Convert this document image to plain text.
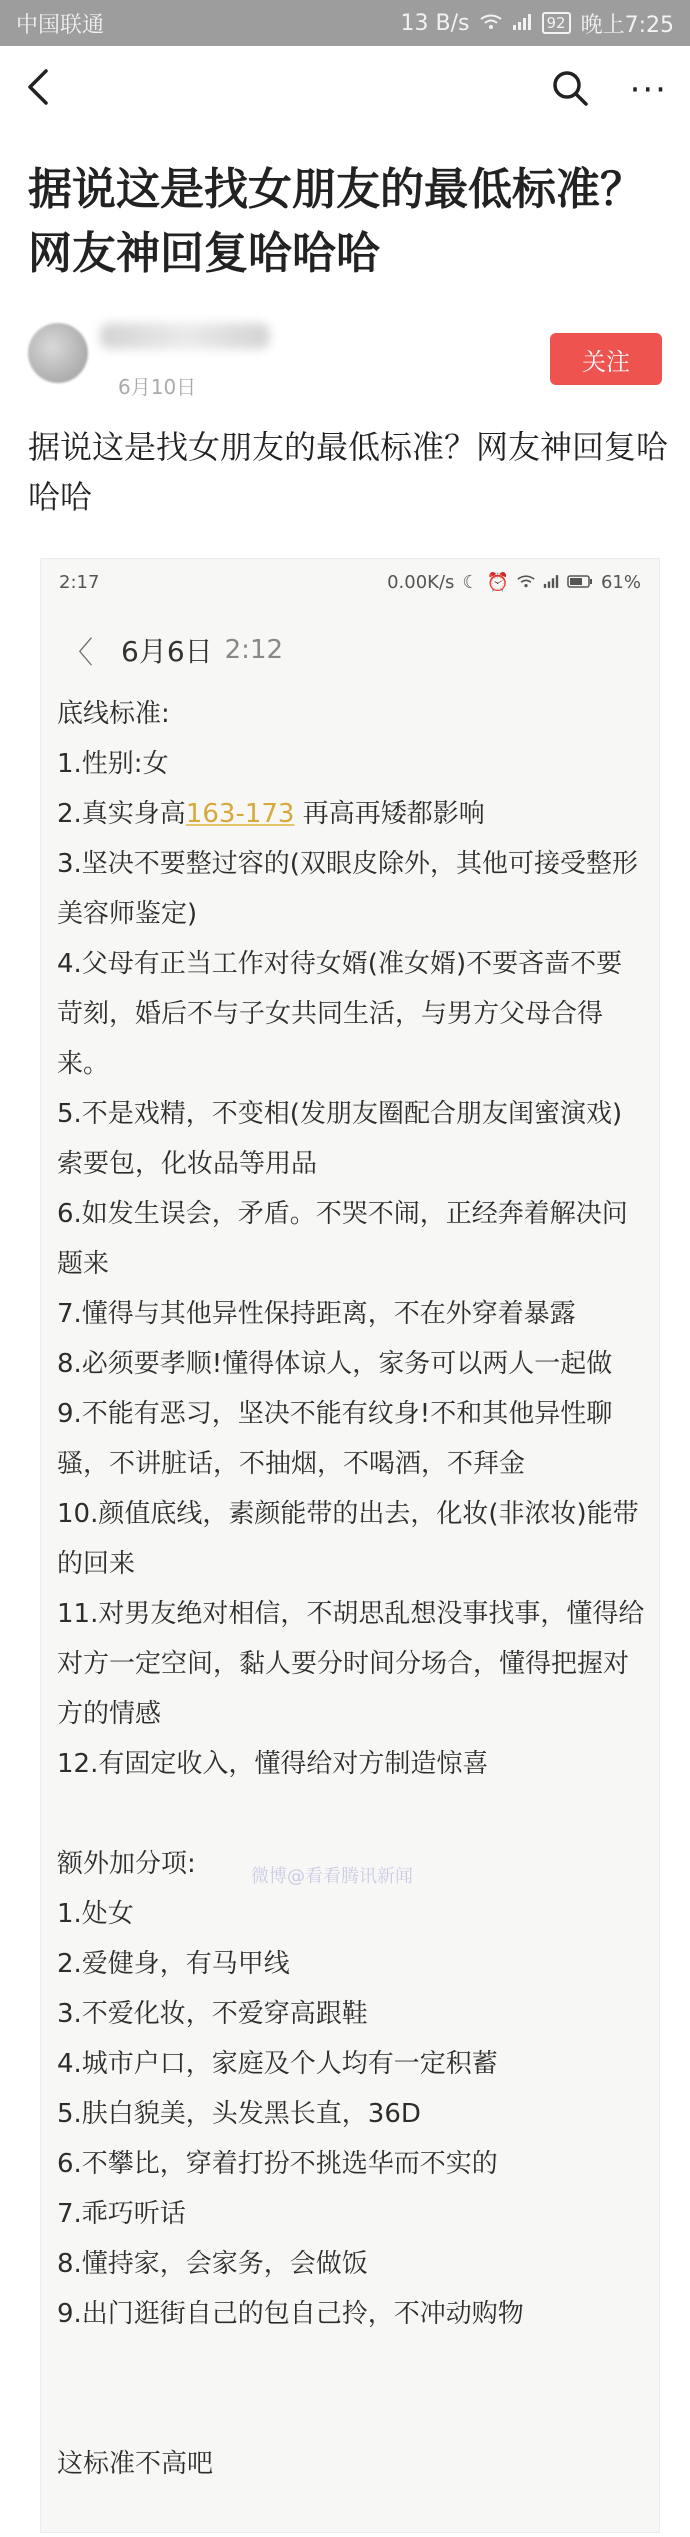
中国联通	13 B/s	92 晚上7:25
···
据说这是找女朋友的最低标准？网友神回复哈哈哈
6月10日
关注

据说这是找女朋友的最低标准？网友神回复哈哈哈

2:17	0.00K/s ☾ ⏰	61%
〈 6月6日 2:12
底线标准:
1.性别:女
2.真实身高163-173 再高再矮都影响
3.坚决不要整过容的(双眼皮除外，其他可接受整形美容师鉴定)
4.父母有正当工作对待女婿(准女婿)不要吝啬不要苛刻，婚后不与子女共同生活，与男方父母合得来。
5.不是戏精，不变相(发朋友圈配合朋友闺蜜演戏)索要包，化妆品等用品
6.如发生误会，矛盾。不哭不闹，正经奔着解决问题来
7.懂得与其他异性保持距离，不在外穿着暴露
8.必须要孝顺!懂得体谅人，家务可以两人一起做
9.不能有恶习，坚决不能有纹身!不和其他异性聊骚，不讲脏话，不抽烟，不喝酒，不拜金
10.颜值底线，素颜能带的出去，化妆(非浓妆)能带的回来
11.对男友绝对相信，不胡思乱想没事找事，懂得给对方一定空间，黏人要分时间分场合，懂得把握对方的情感
12.有固定收入，懂得给对方制造惊喜
额外加分项:
1.处女
2.爱健身，有马甲线
3.不爱化妆，不爱穿高跟鞋
4.城市户口，家庭及个人均有一定积蓄
5.肤白貌美，头发黑长直，36D
6.不攀比，穿着打扮不挑选华而不实的
7.乖巧听话
8.懂持家，会家务，会做饭
9.出门逛街自己的包自己拎，不冲动购物
这标准不高吧
微博@看看腾讯新闻
